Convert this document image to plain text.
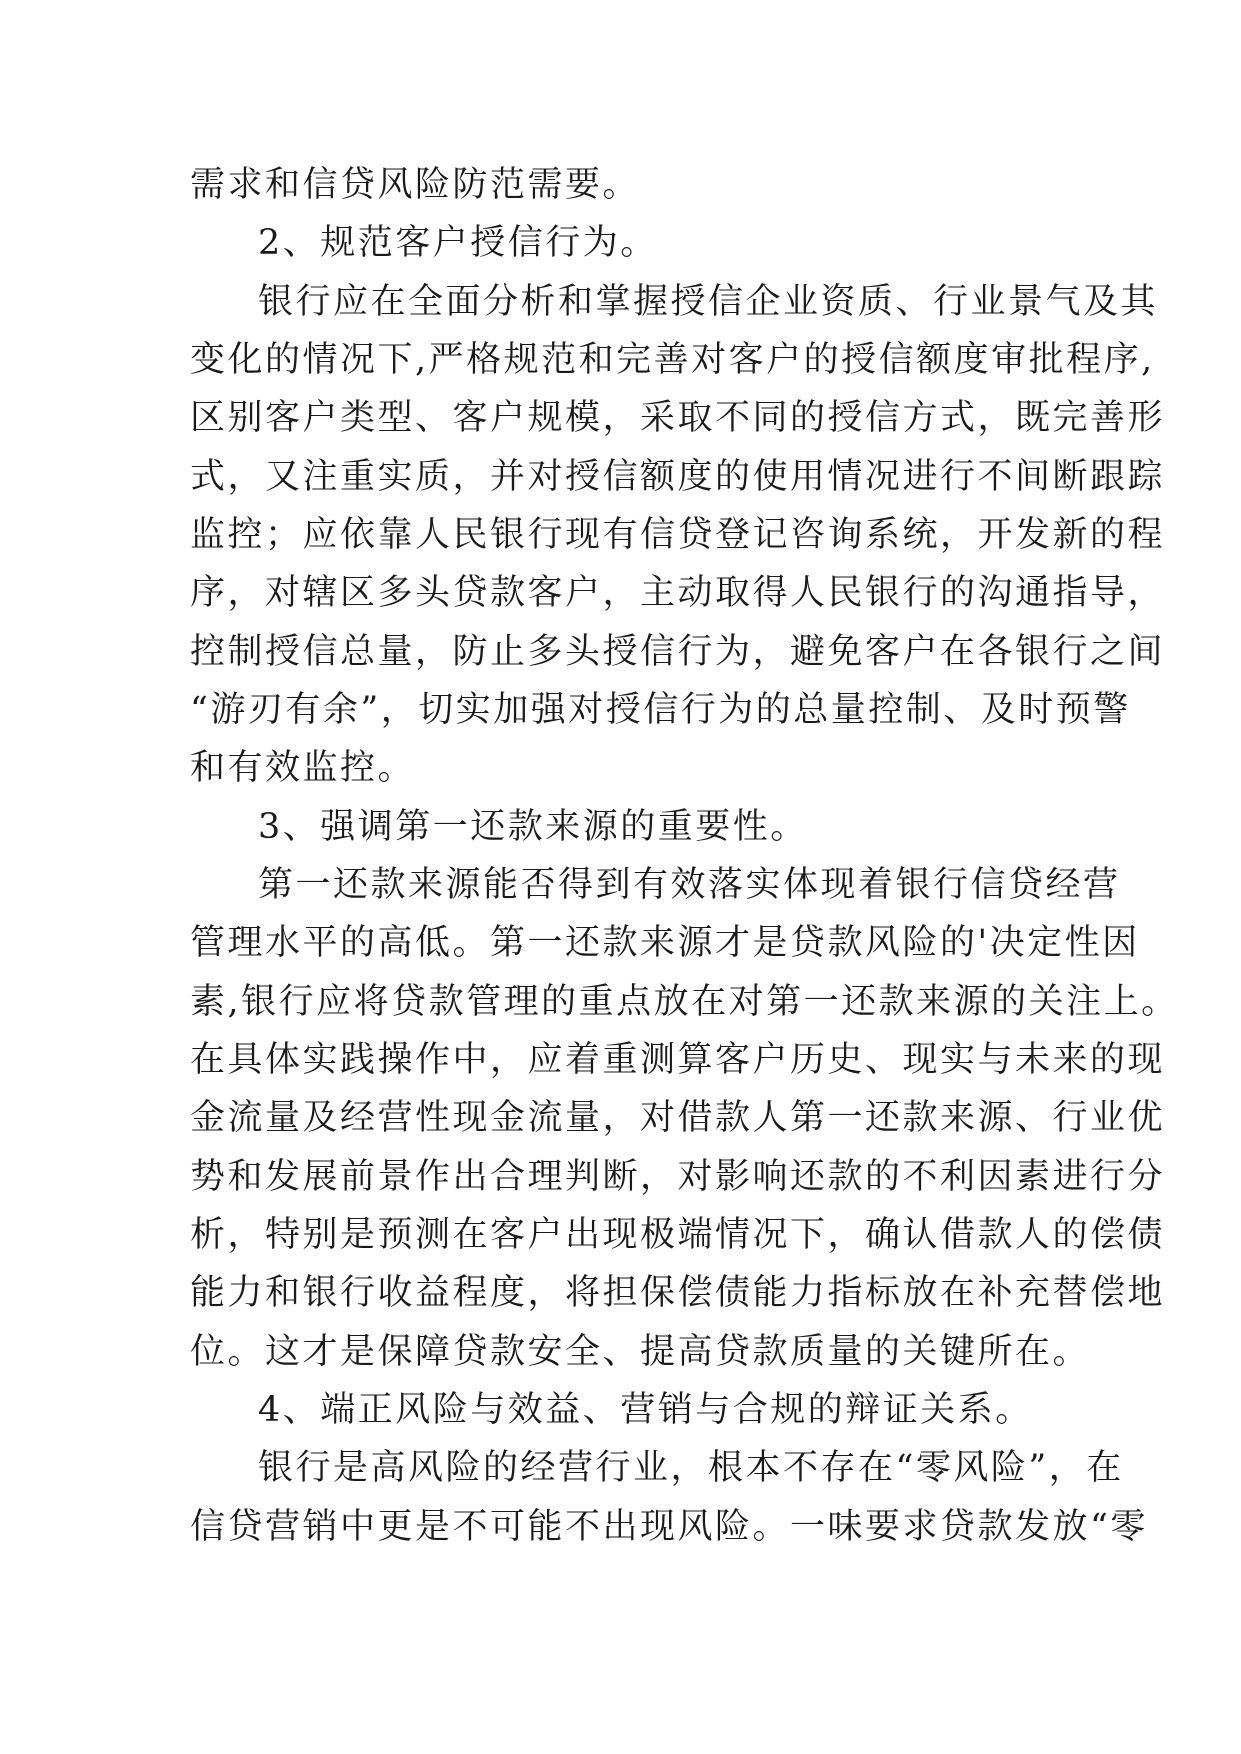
需求和信贷风险防范需要。
2、规范客户授信行为。
银行应在全面分析和掌握授信企业资质、行业景气及其
变化的情况下,严格规范和完善对客户的授信额度审批程序,
区别客户类型、客户规模，采取不同的授信方式，既完善形
式，又注重实质，并对授信额度的使用情况进行不间断跟踪
监控；应依靠人民银行现有信贷登记咨询系统，开发新的程
序，对辖区多头贷款客户，主动取得人民银行的沟通指导，
控制授信总量，防止多头授信行为，避免客户在各银行之间
“游刃有余”，切实加强对授信行为的总量控制、及时预警
和有效监控。
3、强调第一还款来源的重要性。
第一还款来源能否得到有效落实体现着银行信贷经营
管理水平的高低。第一还款来源才是贷款风险的'决定性因
素,银行应将贷款管理的重点放在对第一还款来源的关注上。
在具体实践操作中，应着重测算客户历史、现实与未来的现
金流量及经营性现金流量，对借款人第一还款来源、行业优
势和发展前景作出合理判断，对影响还款的不利因素进行分
析，特别是预测在客户出现极端情况下，确认借款人的偿债
能力和银行收益程度，将担保偿债能力指标放在补充替偿地
位。这才是保障贷款安全、提高贷款质量的关键所在。
4、端正风险与效益、营销与合规的辩证关系。
银行是高风险的经营行业，根本不存在“零风险”，在
信贷营销中更是不可能不出现风险。一味要求贷款发放“零
